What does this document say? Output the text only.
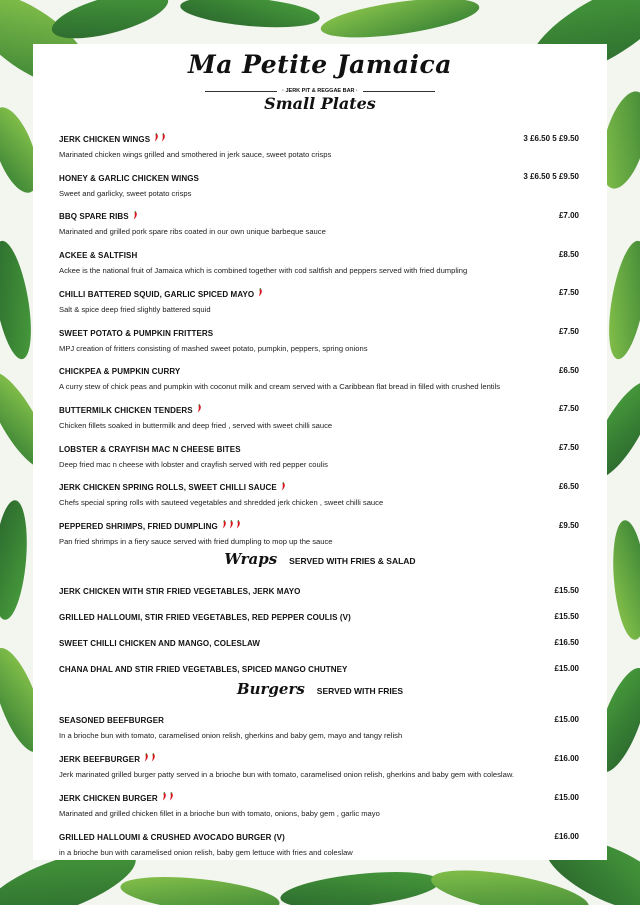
Ma Petite Jamaica
· JERK PIT & REGGAE BAR ·
Small Plates
JERK CHICKEN WINGS	3 £6.50 5 £9.50
Marinated chicken wings grilled and smothered in jerk sauce, sweet potato crisps
HONEY & GARLIC CHICKEN WINGS	3 £6.50 5 £9.50
Sweet and garlicky, sweet potato crisps
BBQ SPARE RIBS	£7.00
Marinated and grilled pork spare ribs coated in our own unique barbeque sauce
ACKEE & SALTFISH	£8.50
Ackee is the national fruit of Jamaica which is combined together with cod saltfish and peppers served with fried dumpling
CHILLI BATTERED SQUID, GARLIC SPICED MAYO	£7.50
Salt & spice deep fried slightly battered squid
SWEET POTATO & PUMPKIN FRITTERS	£7.50
MPJ creation of fritters consisting of mashed sweet potato, pumpkin, peppers, spring onions
CHICKPEA & PUMPKIN CURRY	£6.50
A curry stew of chick peas and pumpkin with coconut milk and cream served with a Caribbean flat bread in filled with crushed lentils
BUTTERMILK CHICKEN TENDERS	£7.50
Chicken fillets soaked in buttermilk and deep fried , served with sweet chilli sauce
LOBSTER & CRAYFISH MAC N CHEESE BITES	£7.50
Deep fried mac n cheese with lobster and crayfish served with red pepper coulis
JERK CHICKEN SPRING ROLLS, SWEET CHILLI SAUCE	£6.50
Chefs special spring rolls with sauteed vegetables and shredded jerk chicken , sweet chilli sauce
PEPPERED SHRIMPS, FRIED DUMPLING	£9.50
Pan fried shrimps in a fiery sauce served with fried dumpling to mop up the sauce
Wraps SERVED WITH FRIES & SALAD
JERK CHICKEN WITH STIR FRIED VEGETABLES, JERK MAYO	£15.50
GRILLED HALLOUMI, STIR FRIED VEGETABLES, RED PEPPER COULIS (V)	£15.50
SWEET CHILLI CHICKEN AND MANGO, COLESLAW	£16.50
CHANA DHAL AND STIR FRIED VEGETABLES, SPICED MANGO CHUTNEY	£15.00
Burgers SERVED WITH FRIES
SEASONED BEEFBURGER	£15.00
In a brioche bun with tomato, caramelised onion relish, gherkins and baby gem, mayo and tangy relish
JERK BEEFBURGER	£16.00
Jerk marinated grilled burger patty served in a brioche bun with tomato, caramelised onion relish, gherkins and baby gem with coleslaw.
JERK CHICKEN BURGER	£15.00
Marinated and grilled chicken fillet in a brioche bun with tomato, onions, baby gem , garlic mayo
GRILLED HALLOUMI & CRUSHED AVOCADO BURGER (V)	£16.00
in a brioche bun with caramelised onion relish, baby gem lettuce with fries and coleslaw
